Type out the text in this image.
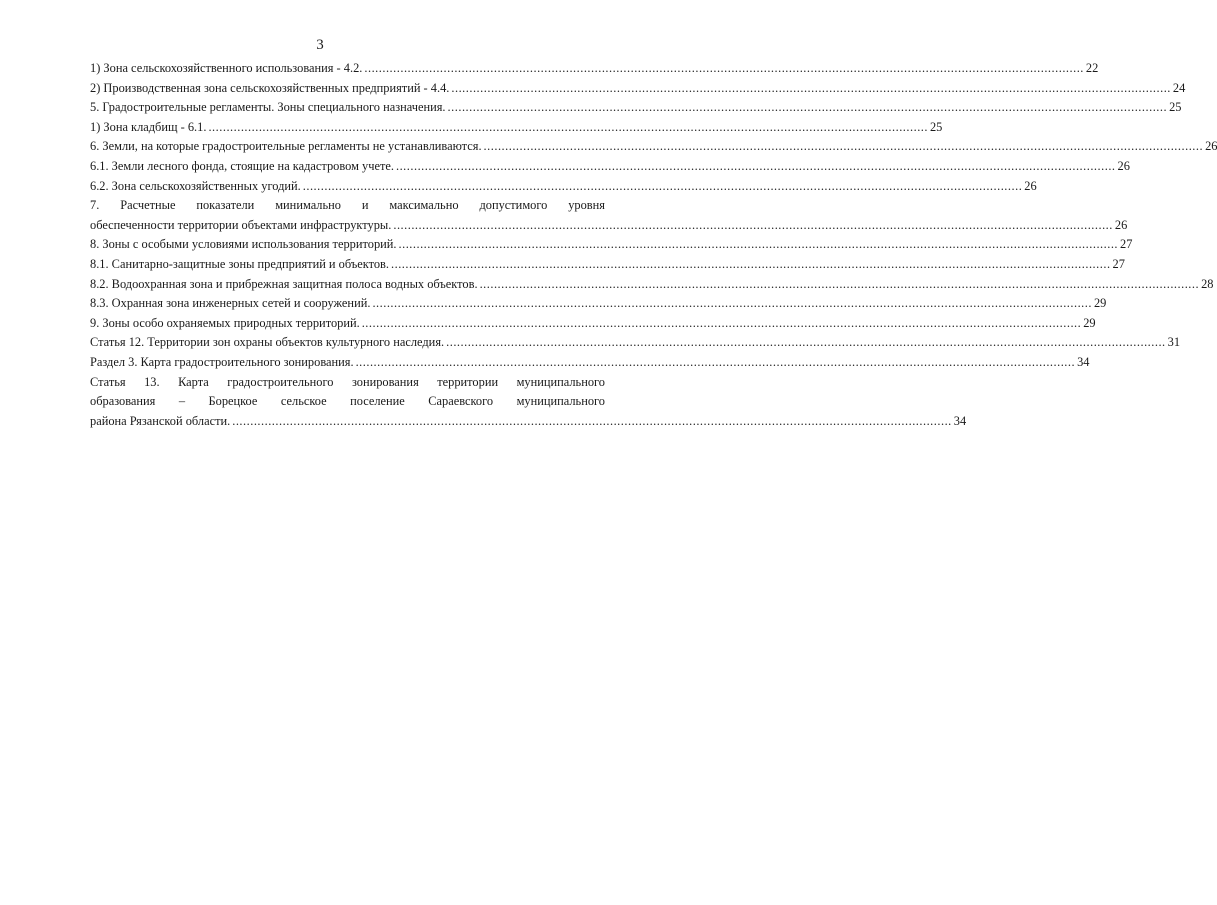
3
1) Зона сельскохозяйственного использования - 4.2. ........................................................................................................................................................................................................ 22
2) Производственная зона сельскохозяйственных предприятий - 4.4. ........................................................................................................................................................................................................ 24
5. Градостроительные регламенты. Зоны специального назначения. ........................................................................................................................................................................................................ 25
1) Зона кладбищ - 6.1. ........................................................................................................................................................................................................ 25
6. Земли, на которые градостроительные регламенты не устанавливаются. ........................................................................................................................................................................................................ 26
6.1. Земли лесного фонда, стоящие на кадастровом учете. ........................................................................................................................................................................................................ 26
6.2. Зона сельскохозяйственных угодий. ........................................................................................................................................................................................................ 26
7. Расчетные показатели минимально и максимально допустимого уровня
обеспеченности территории объектами инфраструктуры. ........................................................................................................................................................................................................ 26
8. Зоны с особыми условиями использования территорий. ........................................................................................................................................................................................................ 27
8.1. Санитарно-защитные зоны предприятий и объектов. ........................................................................................................................................................................................................ 27
8.2. Водоохранная зона и прибрежная защитная полоса водных объектов. ........................................................................................................................................................................................................ 28
8.3. Охранная зона инженерных сетей и сооружений. ........................................................................................................................................................................................................ 29
9. Зоны особо охраняемых природных территорий. ........................................................................................................................................................................................................ 29
Статья 12. Территории зон охраны объектов культурного наследия. ........................................................................................................................................................................................................ 31
Раздел 3. Карта градостроительного зонирования. ........................................................................................................................................................................................................ 34
Статья 13. Карта градостроительного зонирования территории муниципального
образования – Борецкое сельское поселение Сараевского муниципального
района Рязанской области. ........................................................................................................................................................................................................ 34
